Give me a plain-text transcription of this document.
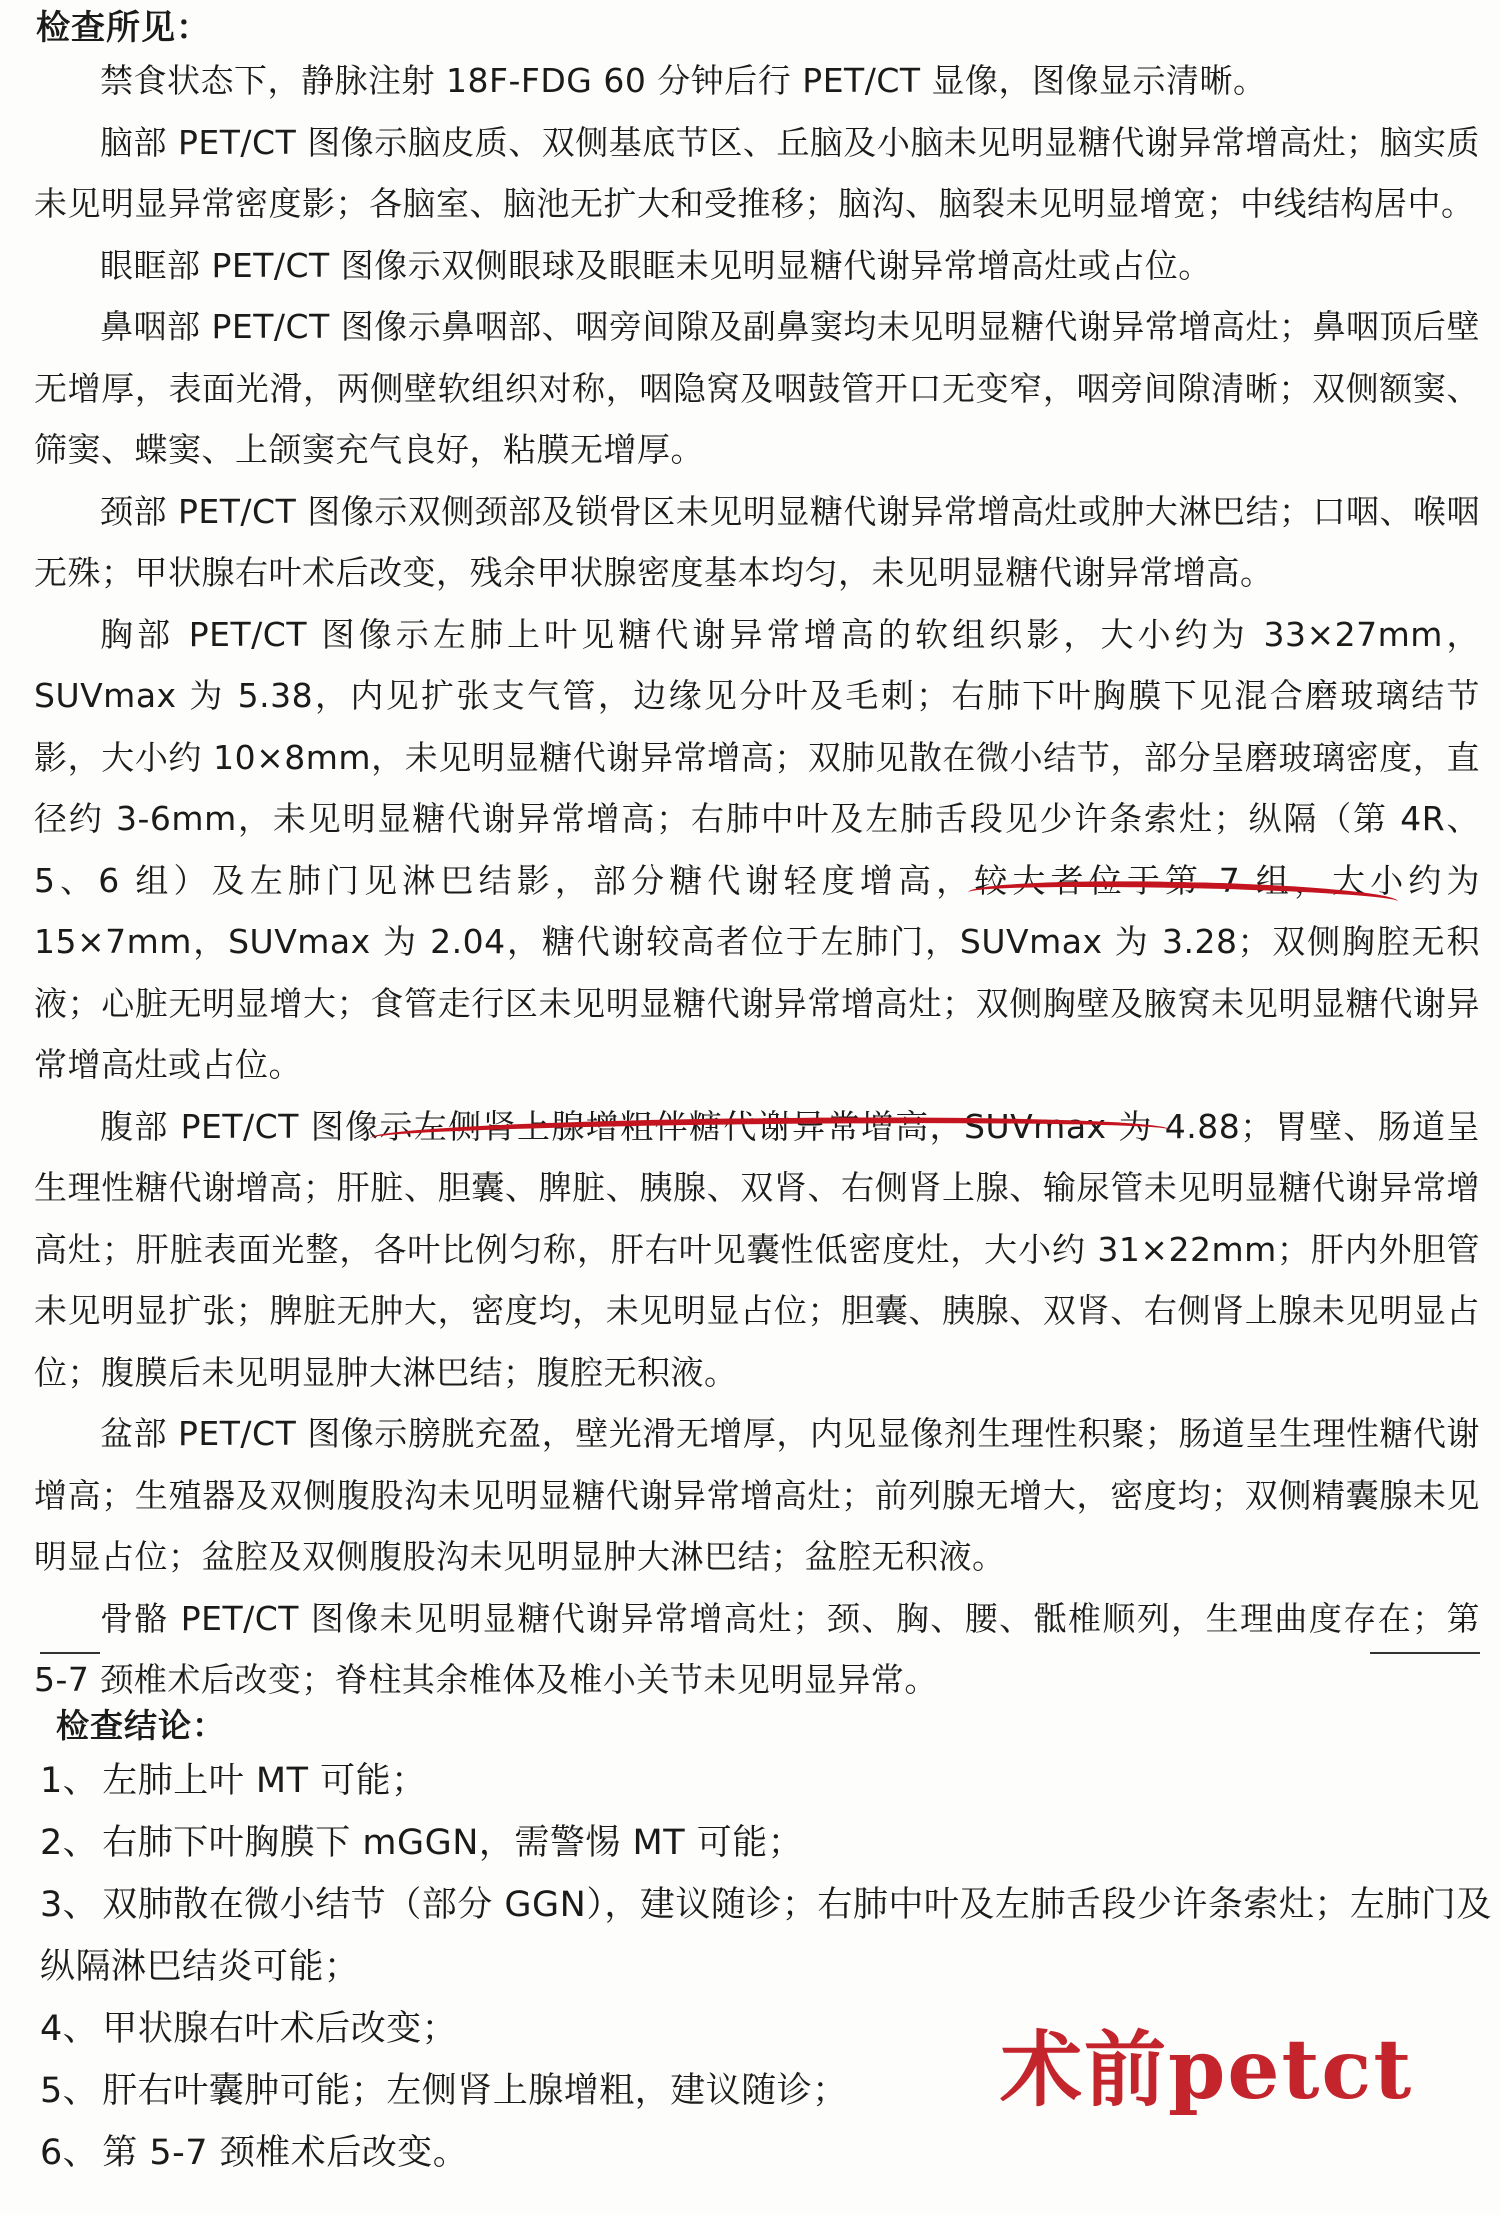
检查所见：

禁食状态下，静脉注射 18F-FDG 60 分钟后行 PET/CT 显像，图像显示清晰。

脑部 PET/CT 图像示脑皮质、双侧基底节区、丘脑及小脑未见明显糖代谢异常增高灶；脑实质未见明显异常密度影；各脑室、脑池无扩大和受推移；脑沟、脑裂未见明显增宽；中线结构居中。

眼眶部 PET/CT 图像示双侧眼球及眼眶未见明显糖代谢异常增高灶或占位。

鼻咽部 PET/CT 图像示鼻咽部、咽旁间隙及副鼻窦均未见明显糖代谢异常增高灶；鼻咽顶后壁无增厚，表面光滑，两侧壁软组织对称，咽隐窝及咽鼓管开口无变窄，咽旁间隙清晰；双侧额窦、筛窦、蝶窦、上颌窦充气良好，粘膜无增厚。

颈部 PET/CT 图像示双侧颈部及锁骨区未见明显糖代谢异常增高灶或肿大淋巴结；口咽、喉咽无殊；甲状腺右叶术后改变，残余甲状腺密度基本均匀，未见明显糖代谢异常增高。

胸部 PET/CT 图像示左肺上叶见糖代谢异常增高的软组织影，大小约为 33×27mm，SUVmax 为 5.38，内见扩张支气管，边缘见分叶及毛刺；右肺下叶胸膜下见混合磨玻璃结节影，大小约 10×8mm，未见明显糖代谢异常增高；双肺见散在微小结节，部分呈磨玻璃密度，直径约 3-6mm，未见明显糖代谢异常增高；右肺中叶及左肺舌段见少许条索灶；纵隔（第 4R、5、6 组）及左肺门见淋巴结影，部分糖代谢轻度增高，较大者位于第 7 组，大小约为 15×7mm，SUVmax 为 2.04，糖代谢较高者位于左肺门，SUVmax 为 3.28；双侧胸腔无积液；心脏无明显增大；食管走行区未见明显糖代谢异常增高灶；双侧胸壁及腋窝未见明显糖代谢异常增高灶或占位。

腹部 PET/CT 图像示左侧肾上腺增粗伴糖代谢异常增高，SUVmax 为 4.88；胃壁、肠道呈生理性糖代谢增高；肝脏、胆囊、脾脏、胰腺、双肾、右侧肾上腺、输尿管未见明显糖代谢异常增高灶；肝脏表面光整，各叶比例匀称，肝右叶见囊性低密度灶，大小约 31×22mm；肝内外胆管未见明显扩张；脾脏无肿大，密度均，未见明显占位；胆囊、胰腺、双肾、右侧肾上腺未见明显占位；腹膜后未见明显肿大淋巴结；腹腔无积液。

盆部 PET/CT 图像示膀胱充盈，壁光滑无增厚，内见显像剂生理性积聚；肠道呈生理性糖代谢增高；生殖器及双侧腹股沟未见明显糖代谢异常增高灶；前列腺无增大，密度均；双侧精囊腺未见明显占位；盆腔及双侧腹股沟未见明显肿大淋巴结；盆腔无积液。

骨骼 PET/CT 图像未见明显糖代谢异常增高灶；颈、胸、腰、骶椎顺列，生理曲度存在；第 5-7 颈椎术后改变；脊柱其余椎体及椎小关节未见明显异常。

检查结论：
1、 左肺上叶 MT 可能；
2、 右肺下叶胸膜下 mGGN，需警惕 MT 可能；
3、 双肺散在微小结节（部分 GGN），建议随诊；右肺中叶及左肺舌段少许条索灶；左肺门及纵隔淋巴结炎可能；
4、 甲状腺右叶术后改变；
5、 肝右叶囊肿可能；左侧肾上腺增粗，建议随诊；
6、 第 5-7 颈椎术后改变。
术前petct
